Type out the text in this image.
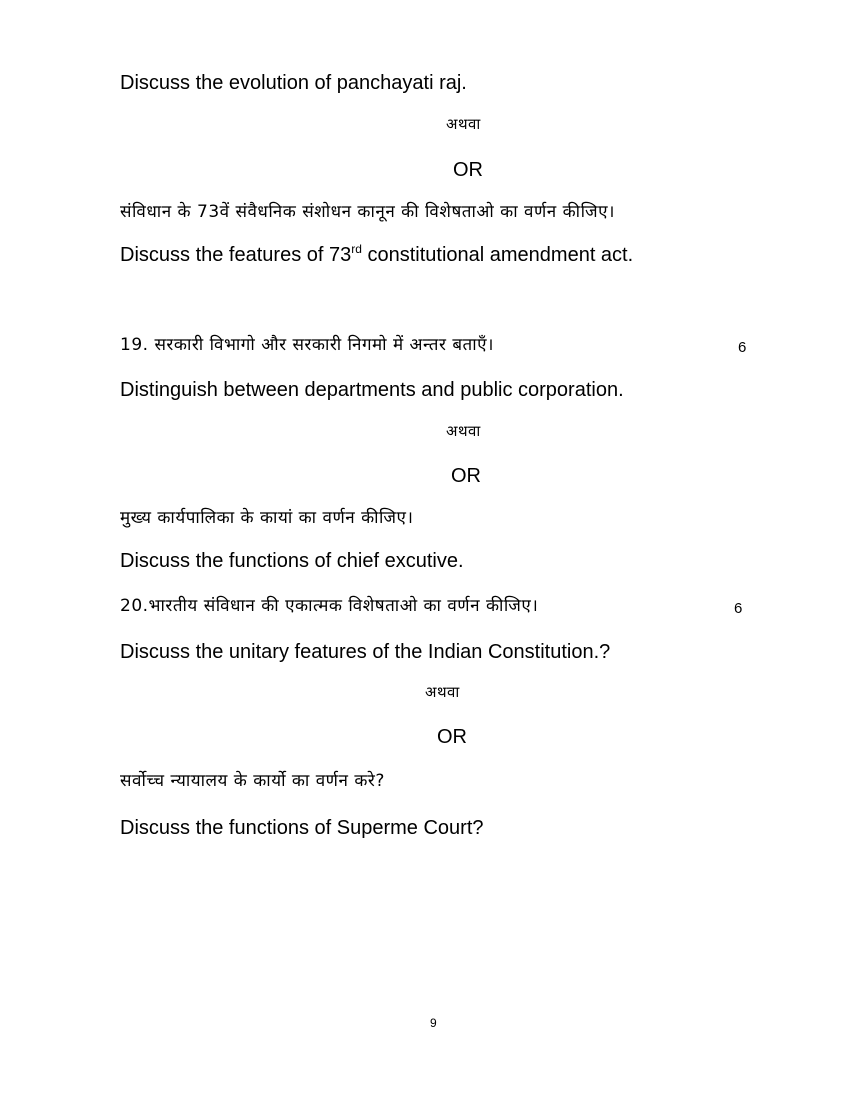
Discuss the evolution of panchayati raj.
अथवा
OR
संविधान के 73वें संवैधनिक संशोधन कानून की विशेषताओ का वर्णन कीजिए।
Discuss the features of 73rd constitutional amendment act.
19. सरकारी विभागो और सरकारी निगमो में अन्तर बताएँ।	6
Distinguish between departments and public corporation.
अथवा
OR
मुख्य कार्यपालिका के कायां का वर्णन कीजिए।
Discuss the functions of chief excutive.
20.भारतीय संविधान की एकात्मक विशेषताओ का वर्णन कीजिए।	6
Discuss the unitary features of the Indian Constitution.?
अथवा
OR
सर्वोच्च न्यायालय के कार्यो का वर्णन करे?
Discuss the functions of Superme Court?
9
